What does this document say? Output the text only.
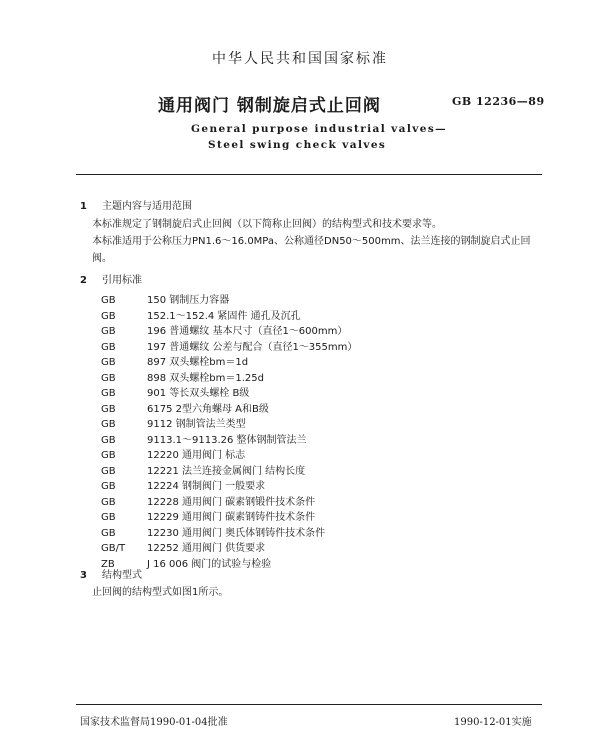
中华人民共和国国家标准
通用阀门 钢制旋启式止回阀	GB 12236—89
General purpose industrial valves—
Steel swing check valves
1 主题内容与适用范围
本标准规定了钢制旋启式止回阀（以下简称止回阀）的结构型式和技术要求等。
本标准适用于公称压力PN1.6～16.0MPa、公称通径DN50～500mm、法兰连接的钢制旋启式止回阀。
2 引用标准
GB	150 钢制压力容器
GB	152.1～152.4 紧固件 通孔及沉孔
GB	196 普通螺纹 基本尺寸（直径1～600mm）
GB	197 普通螺纹 公差与配合（直径1～355mm）
GB	897 双头螺栓bm＝1d
GB	898 双头螺栓bm＝1.25d
GB	901 等长双头螺栓 B级
GB	6175 2型六角螺母 A和B级
GB	9112 钢制管法兰类型
GB	9113.1～9113.26 整体钢制管法兰
GB	12220 通用阀门 标志
GB	12221 法兰连接金属阀门 结构长度
GB	12224 钢制阀门 一般要求
GB	12228 通用阀门 碳素钢锻件技术条件
GB	12229 通用阀门 碳素钢铸件技术条件
GB	12230 通用阀门 奥氏体钢铸件技术条件
GB/T 12252 通用阀门 供货要求
ZB	J 16 006 阀门的试验与检验
3 结构型式
止回阀的结构型式如图1所示。
国家技术监督局1990-01-04批准	1990-12-01实施
